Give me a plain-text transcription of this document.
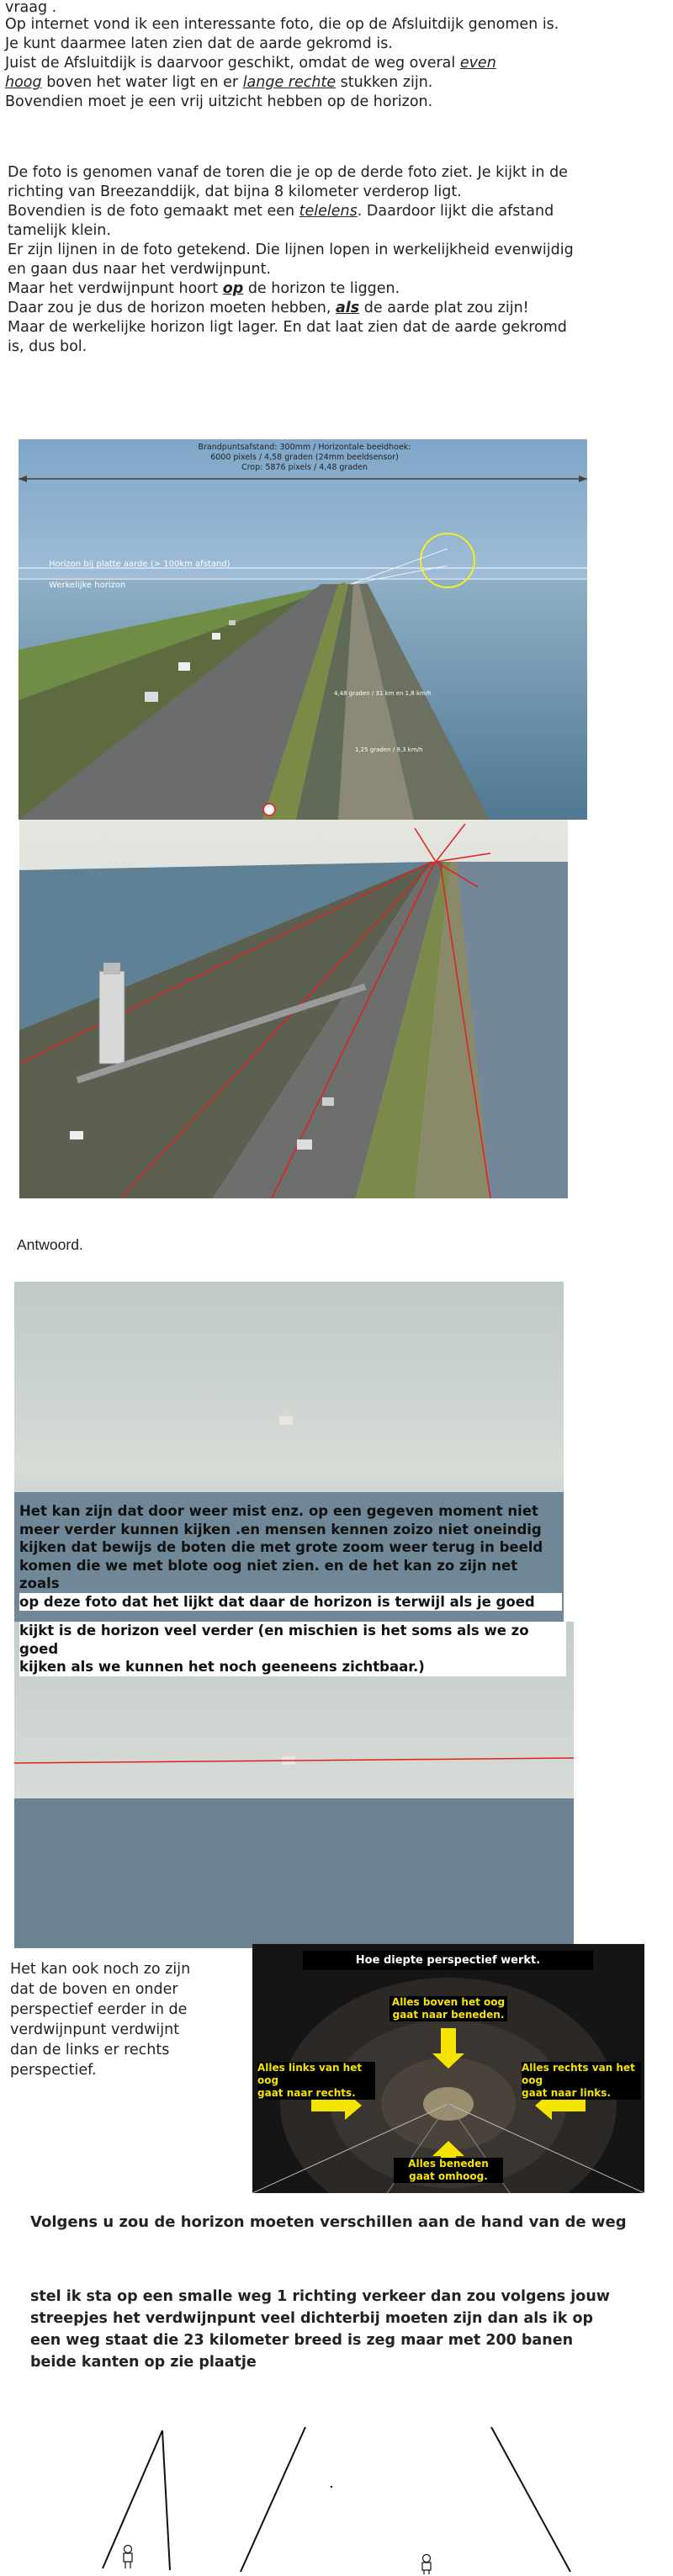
vraag .

Op internet vond ik een interessante foto, die op de Afsluitdijk genomen is.

Je kunt daarmee laten zien dat de aarde gekromd is.

Juist de Afsluitdijk is daarvoor geschikt, omdat de weg overal even

hoog boven het water ligt en er lange rechte stukken zijn.

Bovendien moet je een vrij uitzicht hebben op de horizon.

De foto is genomen vanaf de toren die je op de derde foto ziet. Je kijkt in de

richting van Breezanddijk, dat bijna 8 kilometer verderop ligt.

Bovendien is de foto gemaakt met een telelens. Daardoor lijkt die afstand

tamelijk klein.

Er zijn lijnen in de foto getekend. Die lijnen lopen in werkelijkheid evenwijdig

en gaan dus naar het verdwijnpunt.

Maar het verdwijnpunt hoort op de horizon te liggen.

Daar zou je dus de horizon moeten hebben, als de aarde plat zou zijn!

Maar de werkelijke horizon ligt lager. En dat laat zien dat de aarde gekromd

is, dus bol.

Brandpuntsafstand: 300mm / Horizontale beeldhoek:
6000 pixels / 4,58 graden (24mm beeldsensor)
Crop: 5876 pixels / 4,48 graden
Horizon bij platte aarde (> 100km afstand)
Werkelijke horizon
4,48 graden / 31 km en 1,8 km/h
1,25 graden / 9,3 km/h
Antwoord.
Het kan zijn dat door weer mist enz. op een gegeven moment niet
meer verder kunnen kijken .en mensen kennen zoizo niet oneindig
kijken dat bewijs de boten die met grote zoom weer terug in beeld
komen die we met blote oog niet zien. en de het kan zo zijn net zoals
op deze foto dat het lijkt dat daar de horizon is terwijl als je goed
kijkt is de horizon veel verder (en mischien is het soms als we zo goed
kijken als we kunnen het noch geeneens zichtbaar.)
Het kan ook noch zo zijn
dat de boven en onder
perspectief eerder in de
verdwijnpunt verdwijnt
dan de links er rechts
perspectief.
Hoe diepte perspectief werkt.
Alles boven het oog
gaat naar beneden.
Alles links van het oog
gaat naar rechts.
Alles rechts van het oog
gaat naar links.
Alles beneden
gaat omhoog.
Volgens u zou de horizon moeten verschillen aan de hand van de weg
stel ik sta op een smalle weg 1 richting verkeer dan zou volgens jouw
streepjes het verdwijnpunt veel dichterbij moeten zijn dan als ik op
een weg staat die 23 kilometer breed is zeg maar met 200 banen
beide kanten op zie plaatje
